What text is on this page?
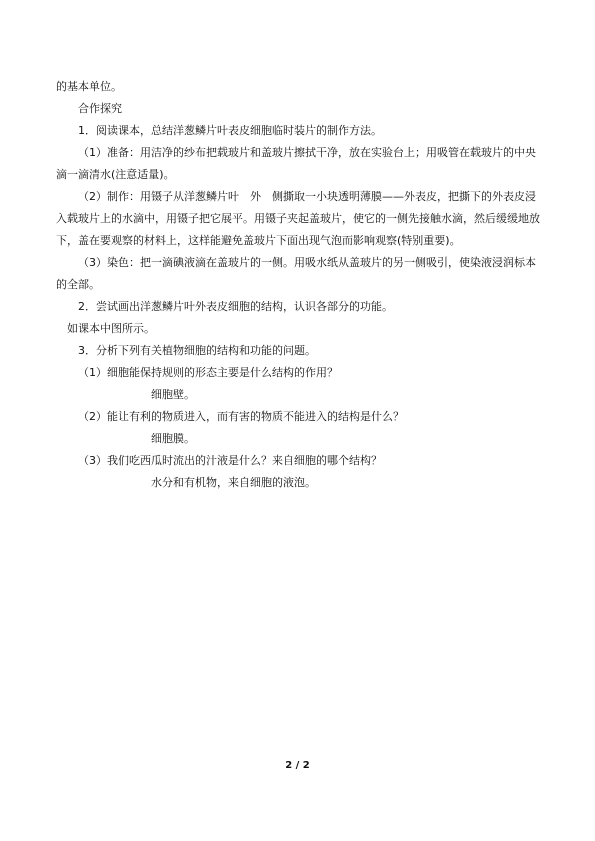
的基本单位。

合作探究

1．阅读课本，总结洋葱鳞片叶表皮细胞临时装片的制作方法。

（1）准备：用洁净的纱布把载玻片和盖玻片擦拭干净，放在实验台上；用吸管在载玻片的中央滴一滴清水(注意适量)。

（2）制作：用镊子从洋葱鳞片叶　外　侧撕取一小块透明薄膜——外表皮，把撕下的外表皮浸入载玻片上的水滴中，用镊子把它展平。用镊子夹起盖玻片，使它的一侧先接触水滴，然后缓缓地放下，盖在要观察的材料上，这样能避免盖玻片下面出现气泡而影响观察(特别重要)。

（3）染色：把一滴碘液滴在盖玻片的一侧。用吸水纸从盖玻片的另一侧吸引，使染液浸润标本的全部。

2．尝试画出洋葱鳞片叶外表皮细胞的结构，认识各部分的功能。

如课本中图所示。

3．分析下列有关植物细胞的结构和功能的问题。

（1）细胞能保持规则的形态主要是什么结构的作用？

细胞壁。

（2）能让有利的物质进入，而有害的物质不能进入的结构是什么？

细胞膜。

（3）我们吃西瓜时流出的汁液是什么？来自细胞的哪个结构？

水分和有机物，来自细胞的液泡。

2 / 2
